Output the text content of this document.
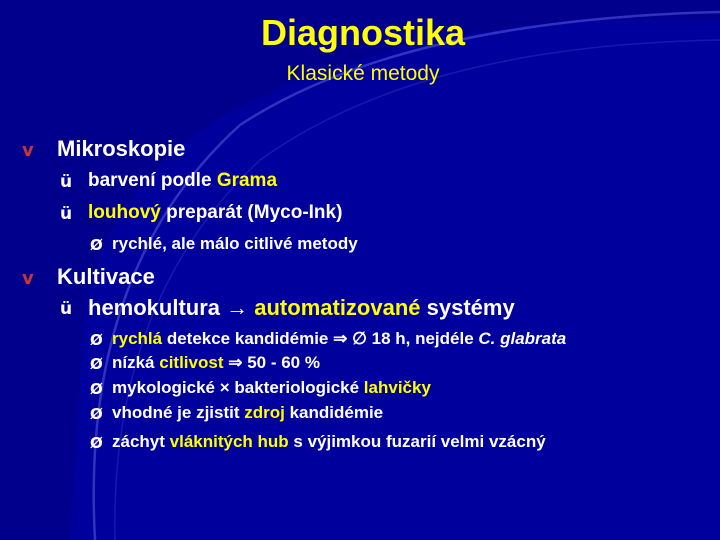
Diagnostika
Klasické metody
v Mikroskopie
ü barvení podle Grama
ü louhový preparát (Myco-Ink)
Ø rychlé, ale málo citlivé metody
v Kultivace
ü hemokultura → automatizované systémy
Ø rychlá detekce kandidémie ⇒ ∅ 18 h, nejdéle C. glabrata
Ø nízká citlivost ⇒ 50 - 60 %
Ø mykologické × bakteriologické lahvičky
Ø vhodné je zjistit zdroj kandidémie
Ø záchyt vláknitých hub s výjimkou fuzarií velmi vzácný
